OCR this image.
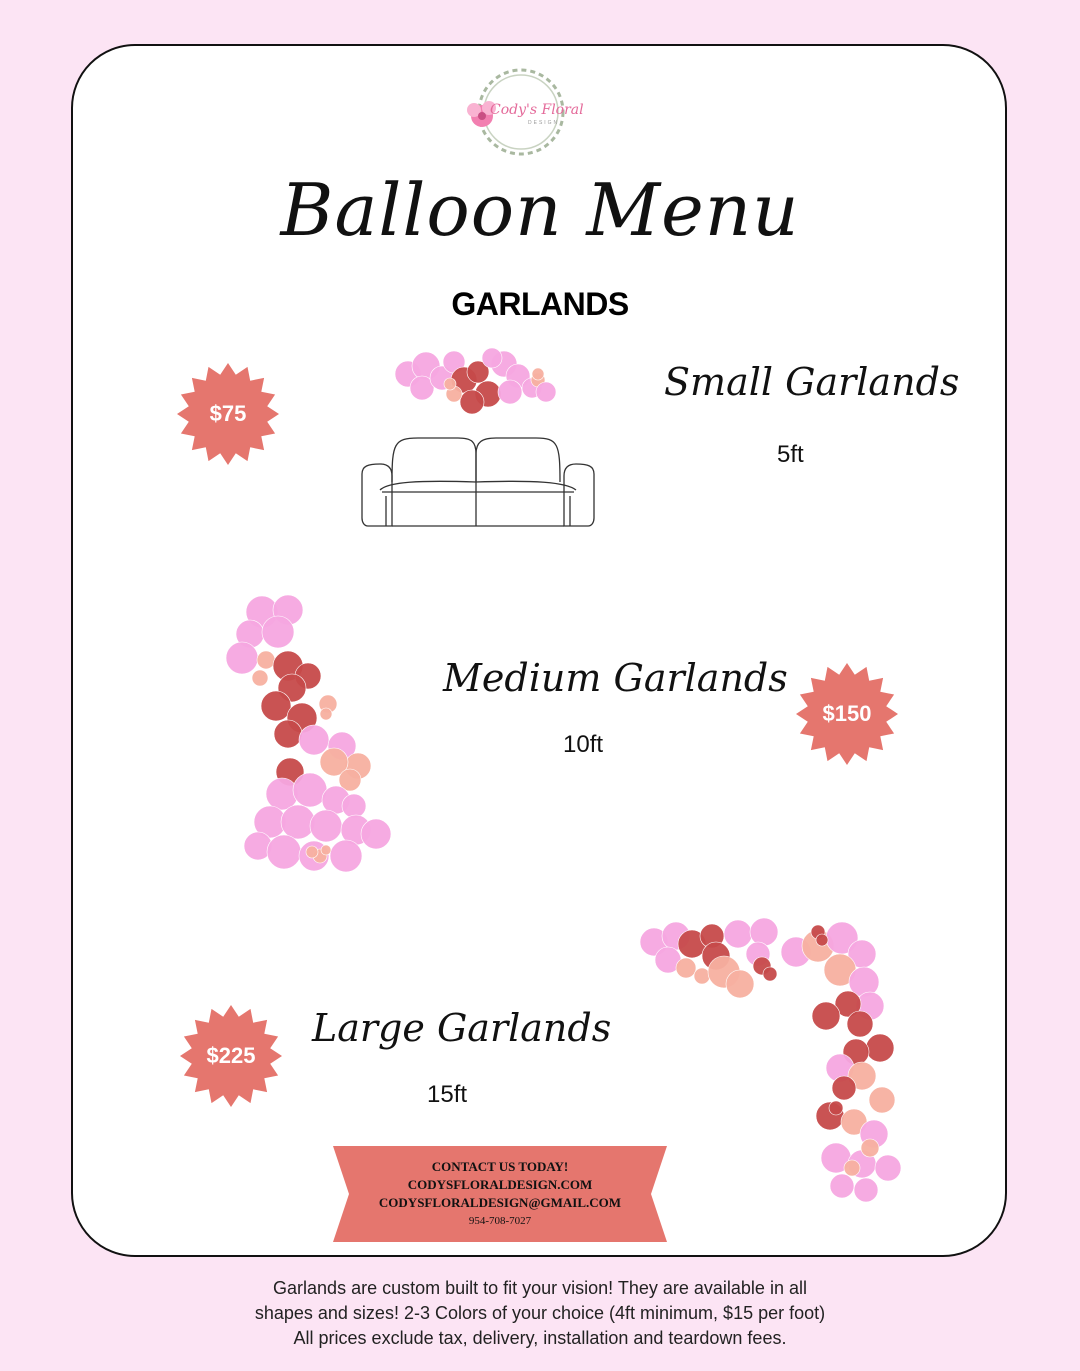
Cody's Floral
DESIGN
Balloon Menu
GARLANDS
$75
Small Garlands
5ft
Medium Garlands
10ft
$150
$225
Large Garlands
15ft
CONTACT US TODAY!
CODYSFLORALDESIGN.COM
CODYSFLORALDESIGN@GMAIL.COM
954-708-7027
Garlands are custom built to fit your vision! They are available in all
shapes and sizes! 2-3 Colors of your choice (4ft minimum, $15 per foot)
All prices exclude tax, delivery, installation and teardown fees.
